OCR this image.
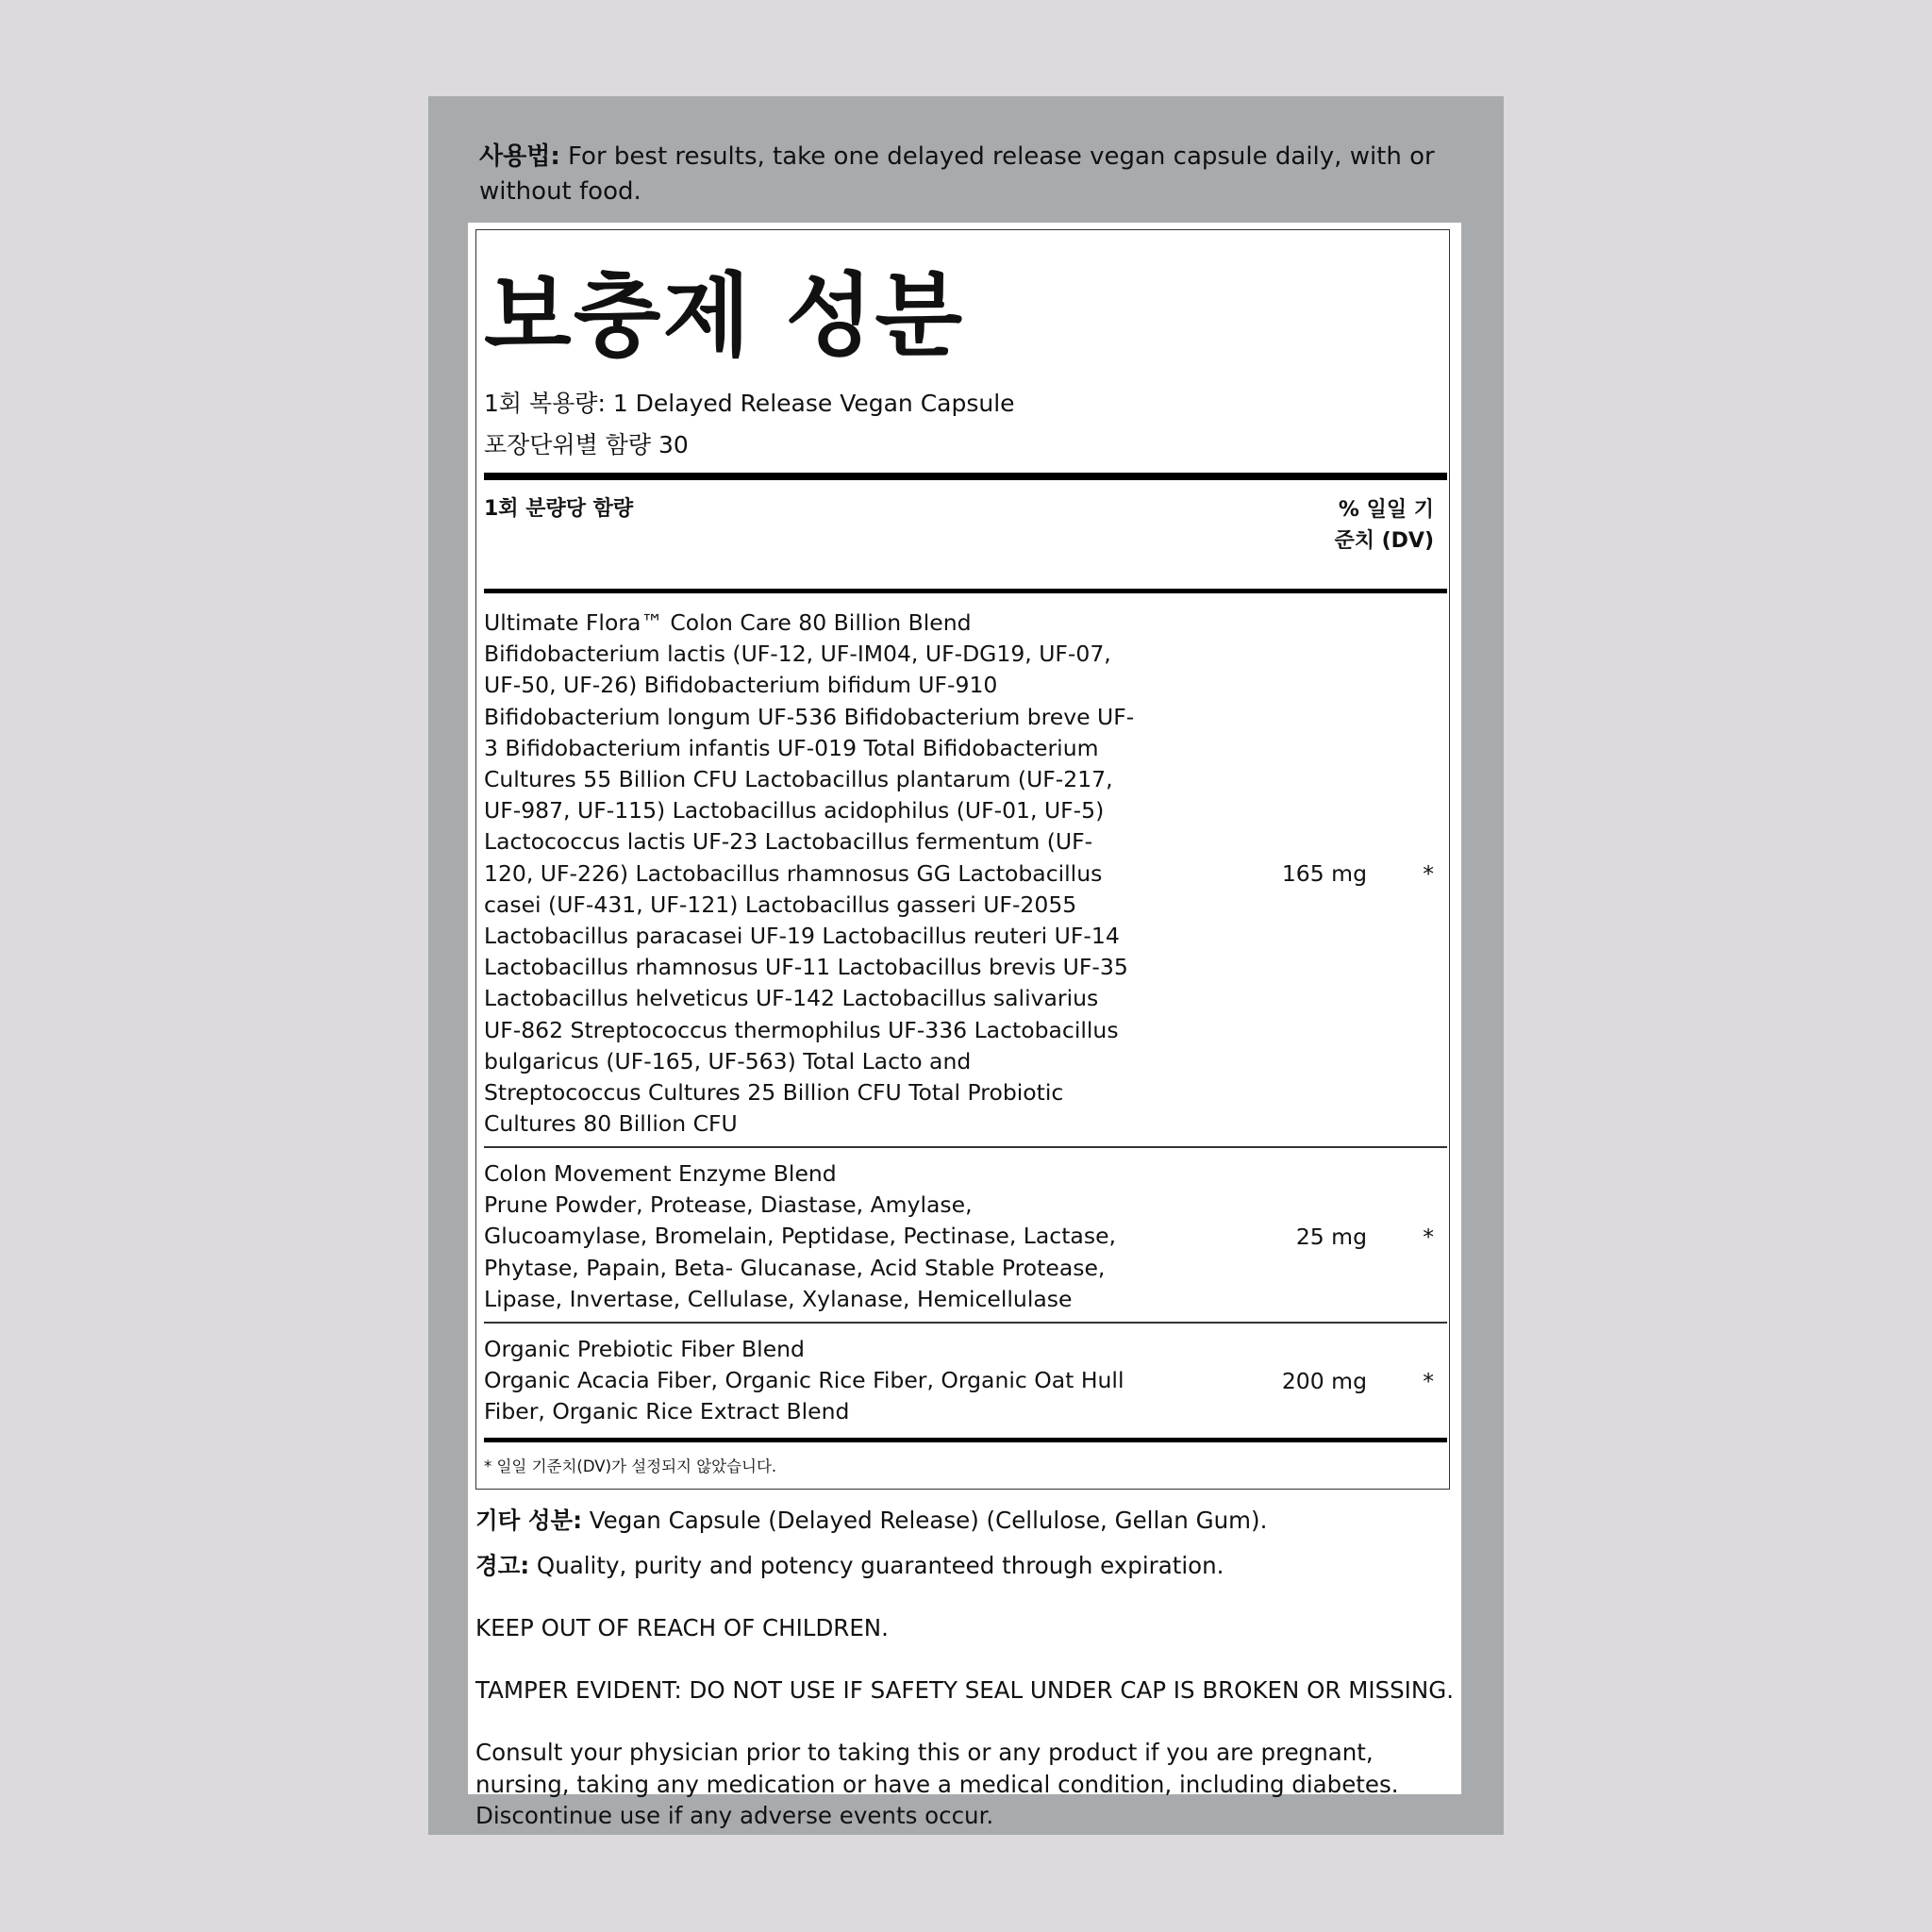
사용법: For best results, take one delayed release vegan capsule daily, with or without food.
보충제 성분
1회 복용량: 1 Delayed Release Vegan Capsule
포장단위별 함량 30
1회 분량당 함량	% 일일 기준치 (DV)
Ultimate Flora™ Colon Care 80 Billion Blend
Bifidobacterium lactis (UF-12, UF-IM04, UF-DG19, UF-07, UF-50, UF-26) Bifidobacterium bifidum UF-910 Bifidobacterium longum UF-536 Bifidobacterium breve UF-3 Bifidobacterium infantis UF-019 Total Bifidobacterium Cultures 55 Billion CFU Lactobacillus plantarum (UF-217, UF-987, UF-115) Lactobacillus acidophilus (UF-01, UF-5) Lactococcus lactis UF-23 Lactobacillus fermentum (UF-120, UF-226) Lactobacillus rhamnosus GG Lactobacillus casei (UF-431, UF-121) Lactobacillus gasseri UF-2055 Lactobacillus paracasei UF-19 Lactobacillus reuteri UF-14 Lactobacillus rhamnosus UF-11 Lactobacillus brevis UF-35 Lactobacillus helveticus UF-142 Lactobacillus salivarius UF-862 Streptococcus thermophilus UF-336 Lactobacillus bulgaricus (UF-165, UF-563) Total Lacto and Streptococcus Cultures 25 Billion CFU Total Probiotic Cultures 80 Billion CFU
165 mg	*
Colon Movement Enzyme Blend
Prune Powder, Protease, Diastase, Amylase, Glucoamylase, Bromelain, Peptidase, Pectinase, Lactase, Phytase, Papain, Beta- Glucanase, Acid Stable Protease, Lipase, Invertase, Cellulase, Xylanase, Hemicellulase
25 mg	*
Organic Prebiotic Fiber Blend
Organic Acacia Fiber, Organic Rice Fiber, Organic Oat Hull Fiber, Organic Rice Extract Blend
200 mg	*
* 일일 기준치(DV)가 설정되지 않았습니다.
기타 성분: Vegan Capsule (Delayed Release) (Cellulose, Gellan Gum).
경고: Quality, purity and potency guaranteed through expiration.
KEEP OUT OF REACH OF CHILDREN.
TAMPER EVIDENT: DO NOT USE IF SAFETY SEAL UNDER CAP IS BROKEN OR MISSING.
Consult your physician prior to taking this or any product if you are pregnant, nursing, taking any medication or have a medical condition, including diabetes. Discontinue use if any adverse events occur.
